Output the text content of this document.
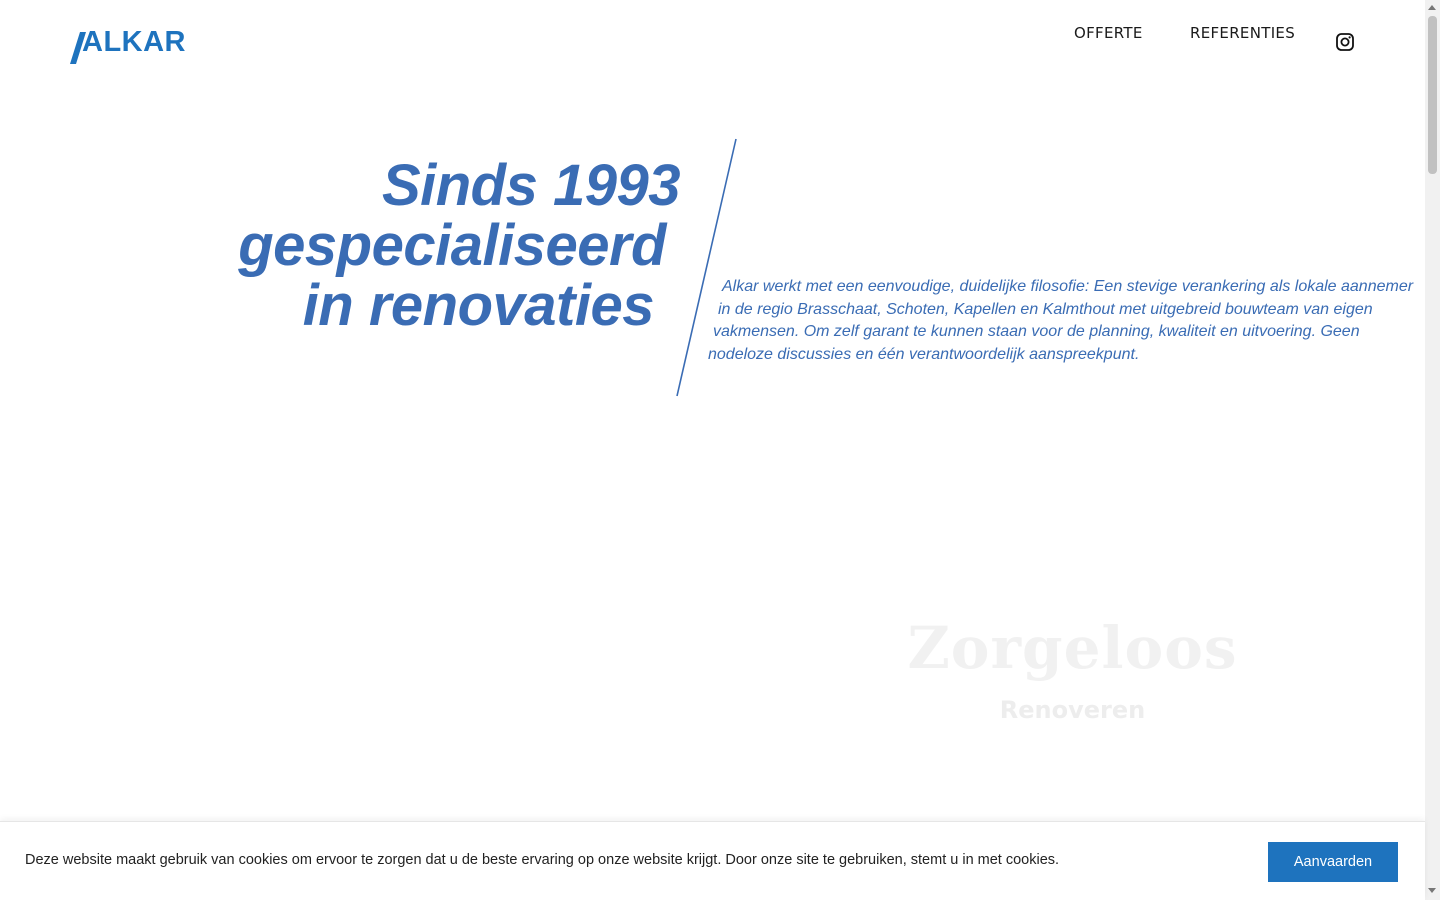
ALKAR	OFFERTE	REFERENTIES
Sinds 1993
gespecialiseerd
in renovaties	Alkar werkt met een eenvoudige, duidelijke filosofie: Een stevige verankering als lokale aannemer
in de regio Brasschaat, Schoten, Kapellen en Kalmthout met uitgebreid bouwteam van eigen
vakmensen. Om zelf garant te kunnen staan voor de planning, kwaliteit en uitvoering. Geen
nodeloze discussies en één verantwoordelijk aanspreekpunt.

Zorgeloos
Renoveren
Deze website maakt gebruik van cookies om ervoor te zorgen dat u de beste ervaring op onze website krijgt. Door onze site te gebruiken, stemt u in met cookies.	Aanvaarden
